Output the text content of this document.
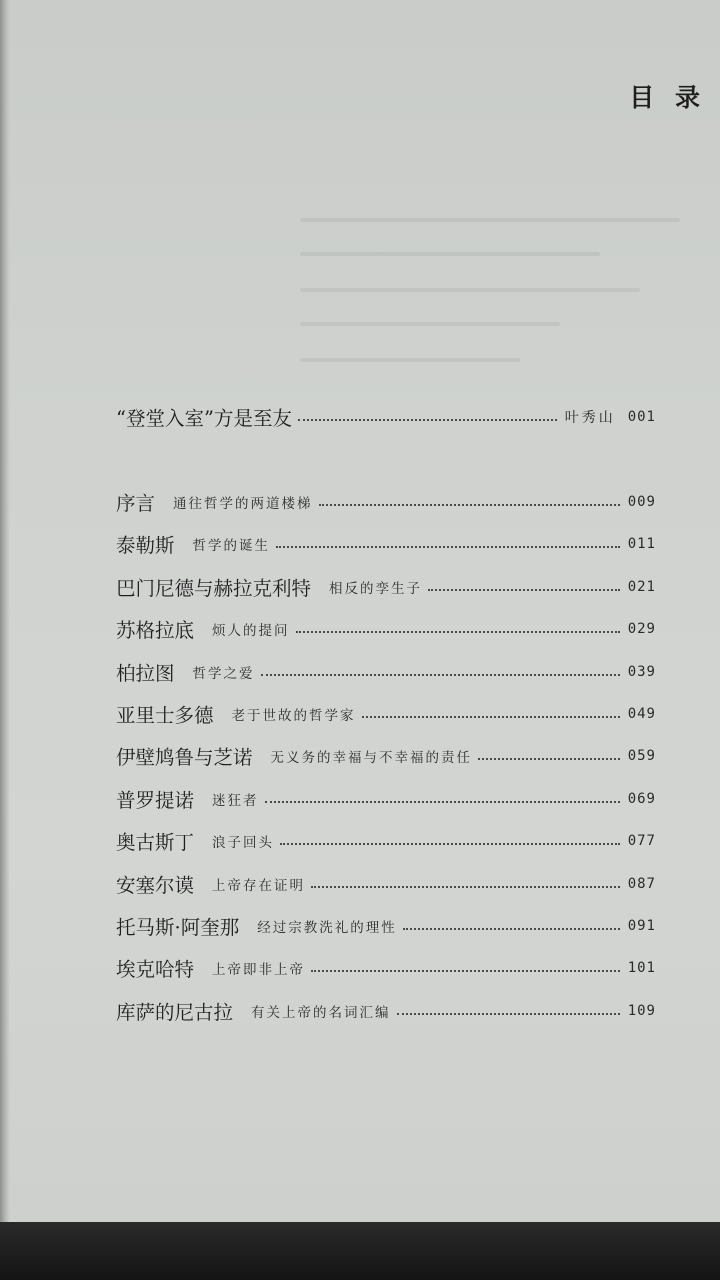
目 录
“登堂入室”方是至友	叶秀山 001
序言 通往哲学的两道楼梯	009
泰勒斯 哲学的诞生	011
巴门尼德与赫拉克利特 相反的孪生子	021
苏格拉底 烦人的提问	029
柏拉图 哲学之爱	039
亚里士多德 老于世故的哲学家	049
伊壁鸠鲁与芝诺 无义务的幸福与不幸福的责任	059
普罗提诺 迷狂者	069
奥古斯丁 浪子回头	077
安塞尔谟 上帝存在证明	087
托马斯·阿奎那 经过宗教洗礼的理性	091
埃克哈特 上帝即非上帝	101
库萨的尼古拉 有关上帝的名词汇编	109
